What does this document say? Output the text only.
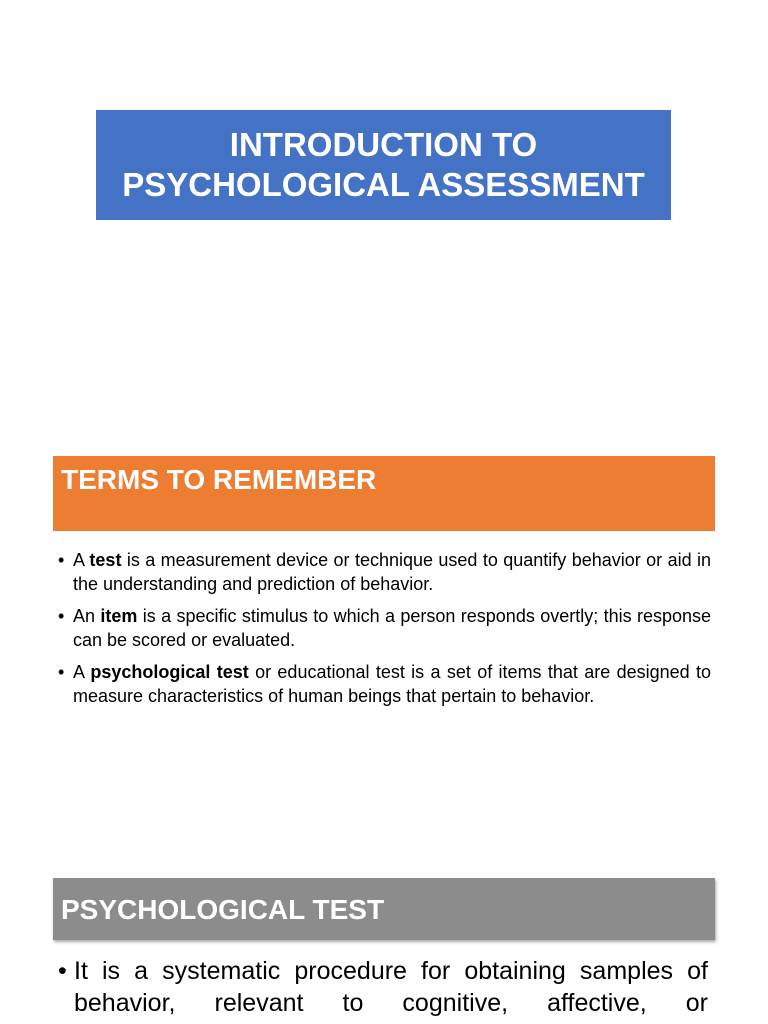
INTRODUCTION TO
PSYCHOLOGICAL ASSESSMENT
TERMS TO REMEMBER
• A test is a measurement device or technique used to quantify behavior or aid in the understanding and prediction of behavior.
• An item is a specific stimulus to which a person responds overtly; this response can be scored or evaluated.
• A psychological test or educational test is a set of items that are designed to measure characteristics of human beings that pertain to behavior.
PSYCHOLOGICAL TEST
• It is a systematic procedure for obtaining samples of behavior, relevant to cognitive, affective, or
